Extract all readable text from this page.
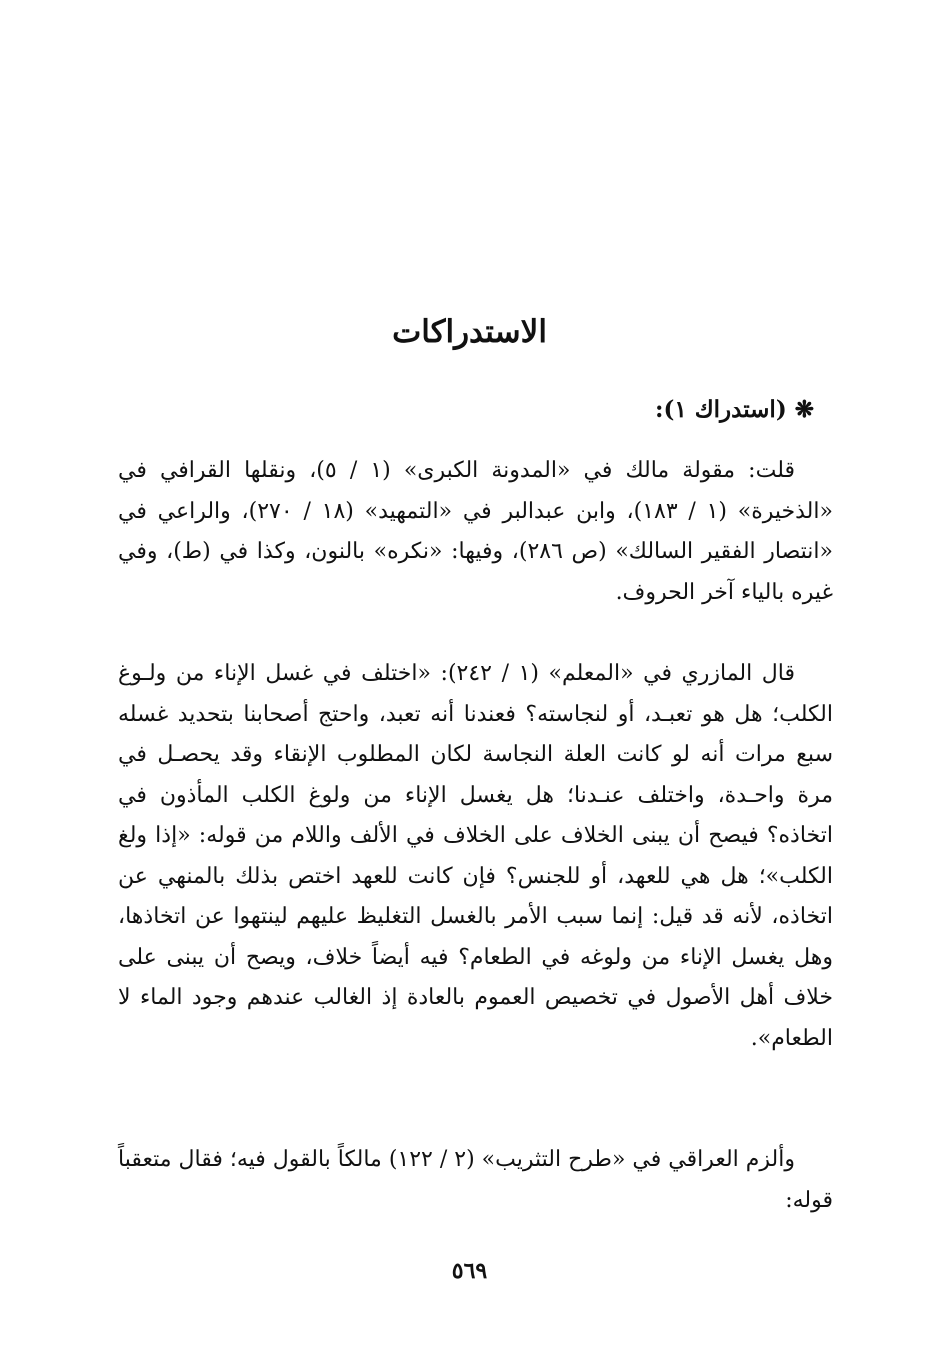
الاستدراكات
❋ (استدراك ١):

قلت: مقولة مالك في «المدونة الكبرى» (١ / ٥)، ونقلها القرافي في «الذخيرة» (١ / ١٨٣)، وابن عبدالبر في «التمهيد» (١٨ / ٢٧٠)، والراعي في «انتصار الفقير السالك» (ص ٢٨٦)، وفيها: «نكره» بالنون، وكذا في (ط)، وفي غيره بالياء آخر الحروف.

قال المازري في «المعلم» (١ / ٢٤٢): «اختلف في غسل الإناء من ولـوغ الكلب؛ هل هو تعبـد، أو لنجاسته؟ فعندنا أنه تعبد، واحتج أصحابنا بتحديد غسله سبع مرات أنه لو كانت العلة النجاسة لكان المطلوب الإنقاء وقد يحصـل في مرة واحـدة، واختلف عنـدنا؛ هل يغسل الإناء من ولوغ الكلب المأذون في اتخاذه؟ فيصح أن يبنى الخلاف على الخلاف في الألف واللام من قوله: «إذا ولغ الكلب»؛ هل هي للعهد، أو للجنس؟ فإن كانت للعهد اختص بذلك بالمنهي عن اتخاذه، لأنه قد قيل: إنما سبب الأمر بالغسل التغليظ عليهم لينتهوا عن اتخاذها، وهل يغسل الإناء من ولوغه في الطعام؟ فيه أيضاً خلاف، ويصح أن يبنى على خلاف أهل الأصول في تخصيص العموم بالعادة إذ الغالب عندهم وجود الماء لا الطعام».

وألزم العراقي في «طرح التثريب» (٢ / ١٢٢) مالكاً بالقول فيه؛ فقال متعقباً قوله:

٥٦٩
